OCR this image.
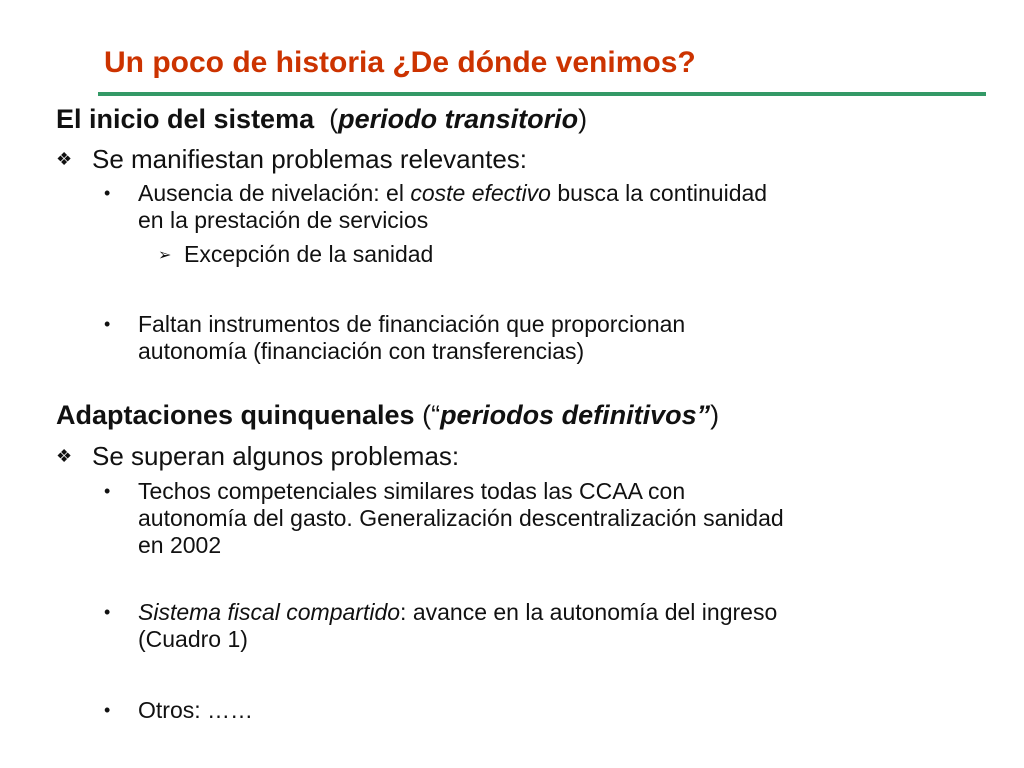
Un poco de historia ¿De dónde venimos?
El inicio del sistema  (periodo transitorio)
❖ Se manifiestan problemas relevantes:
• Ausencia de nivelación: el coste efectivo busca la continuidad
en la prestación de servicios
➢ Excepción de la sanidad
• Faltan instrumentos de financiación que proporcionan
autonomía (financiación con transferencias)
Adaptaciones quinquenales (“periodos definitivos”)
❖ Se superan algunos problemas:
• Techos competenciales similares todas las CCAA con
autonomía del gasto. Generalización descentralización sanidad
en 2002
• Sistema fiscal compartido: avance en la autonomía del ingreso
(Cuadro 1)
• Otros: ……
